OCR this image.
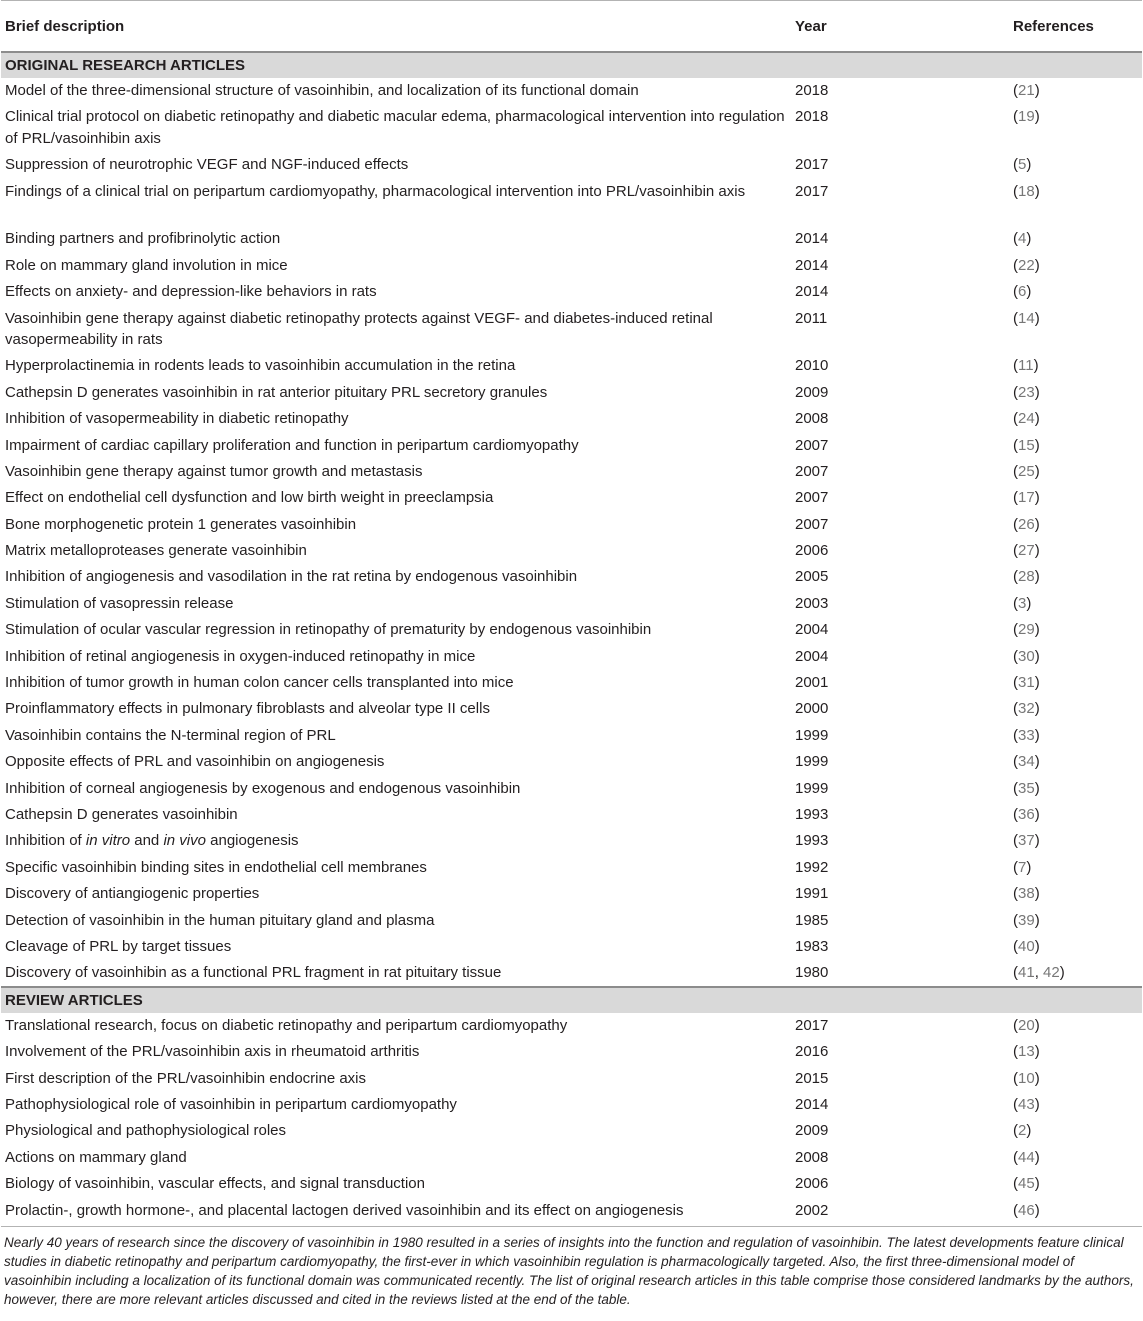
Brief description	Year	References
ORIGINAL RESEARCH ARTICLES		
Model of the three-dimensional structure of vasoinhibin, and localization of its functional domain	2018	(21)
Clinical trial protocol on diabetic retinopathy and diabetic macular edema, pharmacological intervention into regulation of PRL/vasoinhibin axis	2018	(19)
Suppression of neurotrophic VEGF and NGF-induced effects	2017	(5)
Findings of a clinical trial on peripartum cardiomyopathy, pharmacological intervention into PRL/vasoinhibin axis	2017	(18)
Binding partners and profibrinolytic action	2014	(4)
Role on mammary gland involution in mice	2014	(22)
Effects on anxiety- and depression-like behaviors in rats	2014	(6)
Vasoinhibin gene therapy against diabetic retinopathy protects against VEGF- and diabetes-induced retinal vasopermeability in rats	2011	(14)
Hyperprolactinemia in rodents leads to vasoinhibin accumulation in the retina	2010	(11)
Cathepsin D generates vasoinhibin in rat anterior pituitary PRL secretory granules	2009	(23)
Inhibition of vasopermeability in diabetic retinopathy	2008	(24)
Impairment of cardiac capillary proliferation and function in peripartum cardiomyopathy	2007	(15)
Vasoinhibin gene therapy against tumor growth and metastasis	2007	(25)
Effect on endothelial cell dysfunction and low birth weight in preeclampsia	2007	(17)
Bone morphogenetic protein 1 generates vasoinhibin	2007	(26)
Matrix metalloproteases generate vasoinhibin	2006	(27)
Inhibition of angiogenesis and vasodilation in the rat retina by endogenous vasoinhibin	2005	(28)
Stimulation of vasopressin release	2003	(3)
Stimulation of ocular vascular regression in retinopathy of prematurity by endogenous vasoinhibin	2004	(29)
Inhibition of retinal angiogenesis in oxygen-induced retinopathy in mice	2004	(30)
Inhibition of tumor growth in human colon cancer cells transplanted into mice	2001	(31)
Proinflammatory effects in pulmonary fibroblasts and alveolar type II cells	2000	(32)
Vasoinhibin contains the N-terminal region of PRL	1999	(33)
Opposite effects of PRL and vasoinhibin on angiogenesis	1999	(34)
Inhibition of corneal angiogenesis by exogenous and endogenous vasoinhibin	1999	(35)
Cathepsin D generates vasoinhibin	1993	(36)
Inhibition of in vitro and in vivo angiogenesis	1993	(37)
Specific vasoinhibin binding sites in endothelial cell membranes	1992	(7)
Discovery of antiangiogenic properties	1991	(38)
Detection of vasoinhibin in the human pituitary gland and plasma	1985	(39)
Cleavage of PRL by target tissues	1983	(40)
Discovery of vasoinhibin as a functional PRL fragment in rat pituitary tissue	1980	(41, 42)
REVIEW ARTICLES		
Translational research, focus on diabetic retinopathy and peripartum cardiomyopathy	2017	(20)
Involvement of the PRL/vasoinhibin axis in rheumatoid arthritis	2016	(13)
First description of the PRL/vasoinhibin endocrine axis	2015	(10)
Pathophysiological role of vasoinhibin in peripartum cardiomyopathy	2014	(43)
Physiological and pathophysiological roles	2009	(2)
Actions on mammary gland	2008	(44)
Biology of vasoinhibin, vascular effects, and signal transduction	2006	(45)
Prolactin-, growth hormone-, and placental lactogen derived vasoinhibin and its effect on angiogenesis	2002	(46)
Nearly 40 years of research since the discovery of vasoinhibin in 1980 resulted in a series of insights into the function and regulation of vasoinhibin. The latest developments feature clinical studies in diabetic retinopathy and peripartum cardiomyopathy, the first-ever in which vasoinhibin regulation is pharmacologically targeted. Also, the first three-dimensional model of vasoinhibin including a localization of its functional domain was communicated recently. The list of original research articles in this table comprise those considered landmarks by the authors, however, there are more relevant articles discussed and cited in the reviews listed at the end of the table.
